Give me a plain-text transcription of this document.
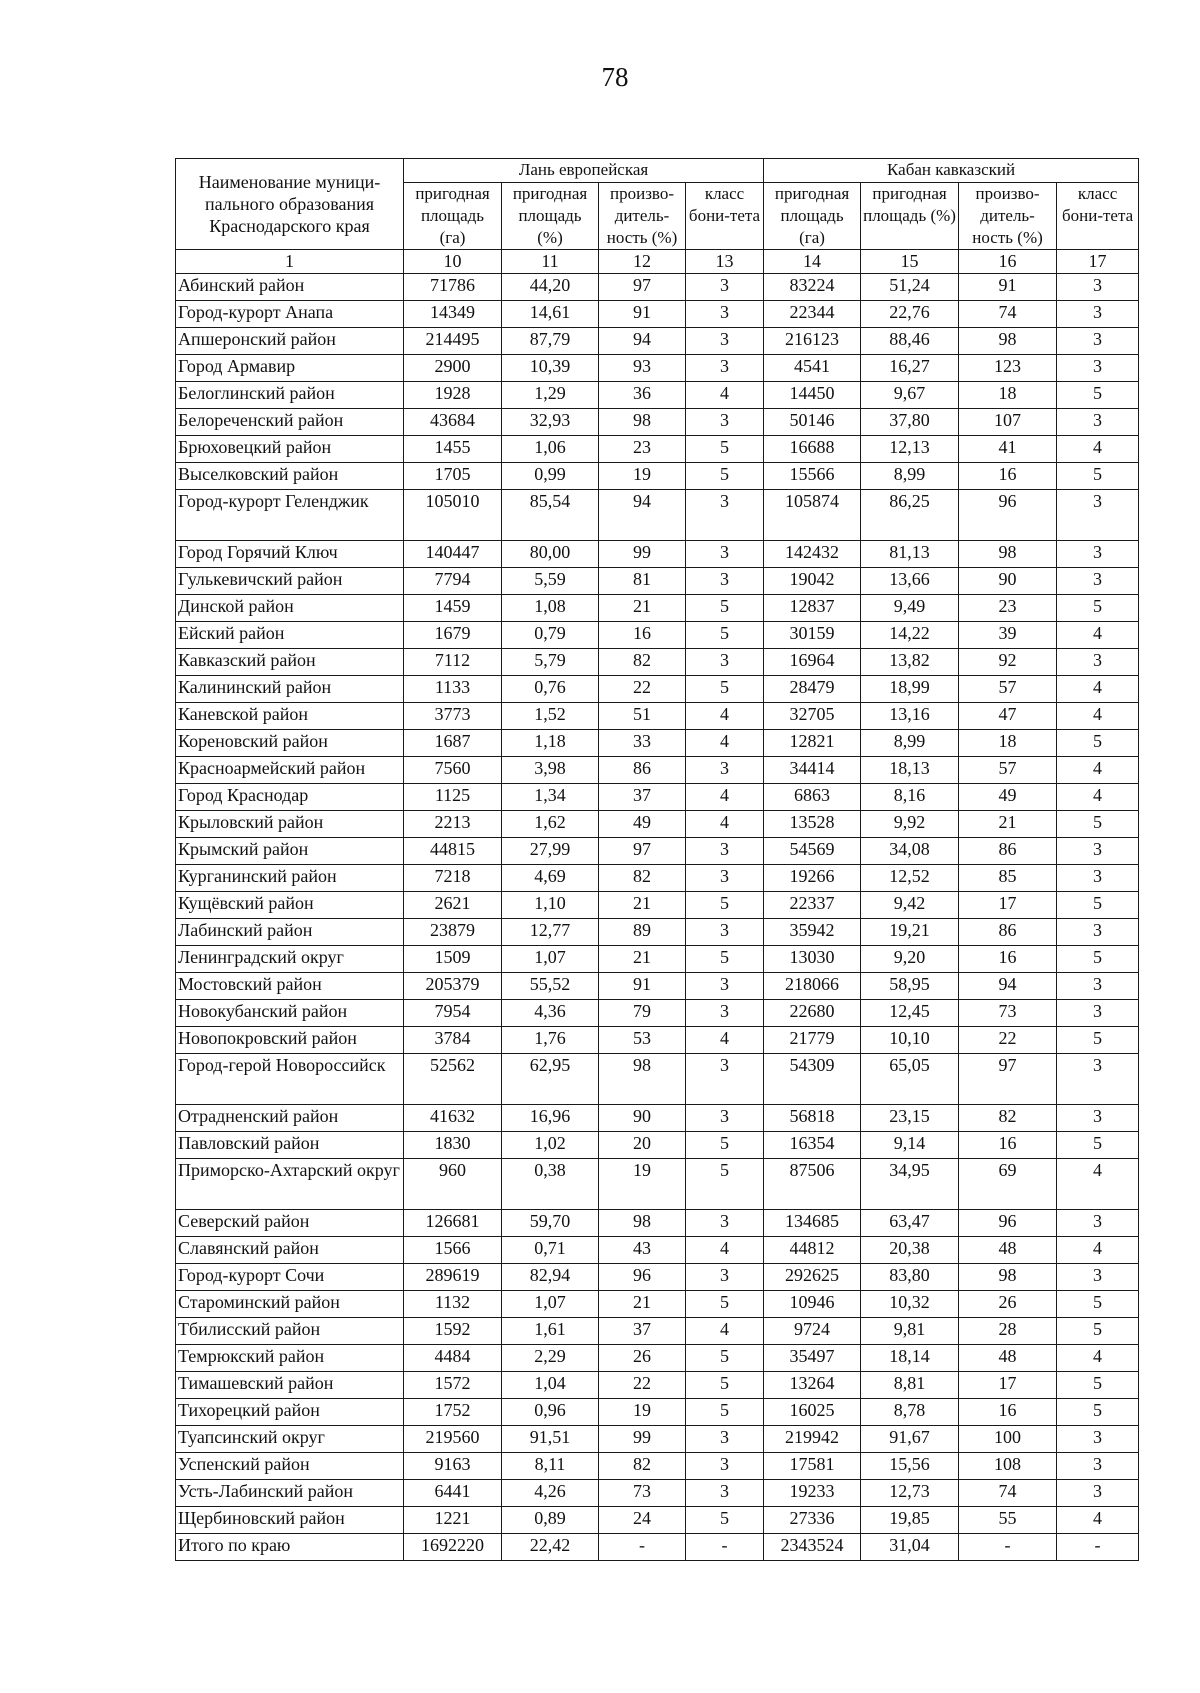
78
Наименование муници-пального образования Краснодарского края	Лань европейская				Кабан кавказский			
	пригодная площадь (га)	пригодная площадь (%)	произво-дитель-ность (%)	класс бони-тета	пригодная площадь (га)	пригодная площадь (%)	произво-дитель-ность (%)	класс бони-тета
1	10	11	12	13	14	15	16	17
Абинский район	71786	44,20	97	3	83224	51,24	91	3
Город-курорт Анапа	14349	14,61	91	3	22344	22,76	74	3
Апшеронский район	214495	87,79	94	3	216123	88,46	98	3
Город Армавир	2900	10,39	93	3	4541	16,27	123	3
Белоглинский район	1928	1,29	36	4	14450	9,67	18	5
Белореченский район	43684	32,93	98	3	50146	37,80	107	3
Брюховецкий район	1455	1,06	23	5	16688	12,13	41	4
Выселковский район	1705	0,99	19	5	15566	8,99	16	5
Город-курорт Геленджик	105010	85,54	94	3	105874	86,25	96	3
Город Горячий Ключ	140447	80,00	99	3	142432	81,13	98	3
Гулькевичский район	7794	5,59	81	3	19042	13,66	90	3
Динской район	1459	1,08	21	5	12837	9,49	23	5
Ейский район	1679	0,79	16	5	30159	14,22	39	4
Кавказский район	7112	5,79	82	3	16964	13,82	92	3
Калининский район	1133	0,76	22	5	28479	18,99	57	4
Каневской район	3773	1,52	51	4	32705	13,16	47	4
Кореновский район	1687	1,18	33	4	12821	8,99	18	5
Красноармейский район	7560	3,98	86	3	34414	18,13	57	4
Город Краснодар	1125	1,34	37	4	6863	8,16	49	4
Крыловский район	2213	1,62	49	4	13528	9,92	21	5
Крымский район	44815	27,99	97	3	54569	34,08	86	3
Курганинский район	7218	4,69	82	3	19266	12,52	85	3
Кущёвский район	2621	1,10	21	5	22337	9,42	17	5
Лабинский район	23879	12,77	89	3	35942	19,21	86	3
Ленинградский округ	1509	1,07	21	5	13030	9,20	16	5
Мостовский район	205379	55,52	91	3	218066	58,95	94	3
Новокубанский район	7954	4,36	79	3	22680	12,45	73	3
Новопокровский район	3784	1,76	53	4	21779	10,10	22	5
Город-герой Новороссийск	52562	62,95	98	3	54309	65,05	97	3
Отрадненский район	41632	16,96	90	3	56818	23,15	82	3
Павловский район	1830	1,02	20	5	16354	9,14	16	5
Приморско-Ахтарский округ	960	0,38	19	5	87506	34,95	69	4
Северский район	126681	59,70	98	3	134685	63,47	96	3
Славянский район	1566	0,71	43	4	44812	20,38	48	4
Город-курорт Сочи	289619	82,94	96	3	292625	83,80	98	3
Староминский район	1132	1,07	21	5	10946	10,32	26	5
Тбилисский район	1592	1,61	37	4	9724	9,81	28	5
Темрюкский район	4484	2,29	26	5	35497	18,14	48	4
Тимашевский район	1572	1,04	22	5	13264	8,81	17	5
Тихорецкий район	1752	0,96	19	5	16025	8,78	16	5
Туапсинский округ	219560	91,51	99	3	219942	91,67	100	3
Успенский район	9163	8,11	82	3	17581	15,56	108	3
Усть-Лабинский район	6441	4,26	73	3	19233	12,73	74	3
Щербиновский район	1221	0,89	24	5	27336	19,85	55	4
Итого по краю	1692220	22,42	-	-	2343524	31,04	-	-
